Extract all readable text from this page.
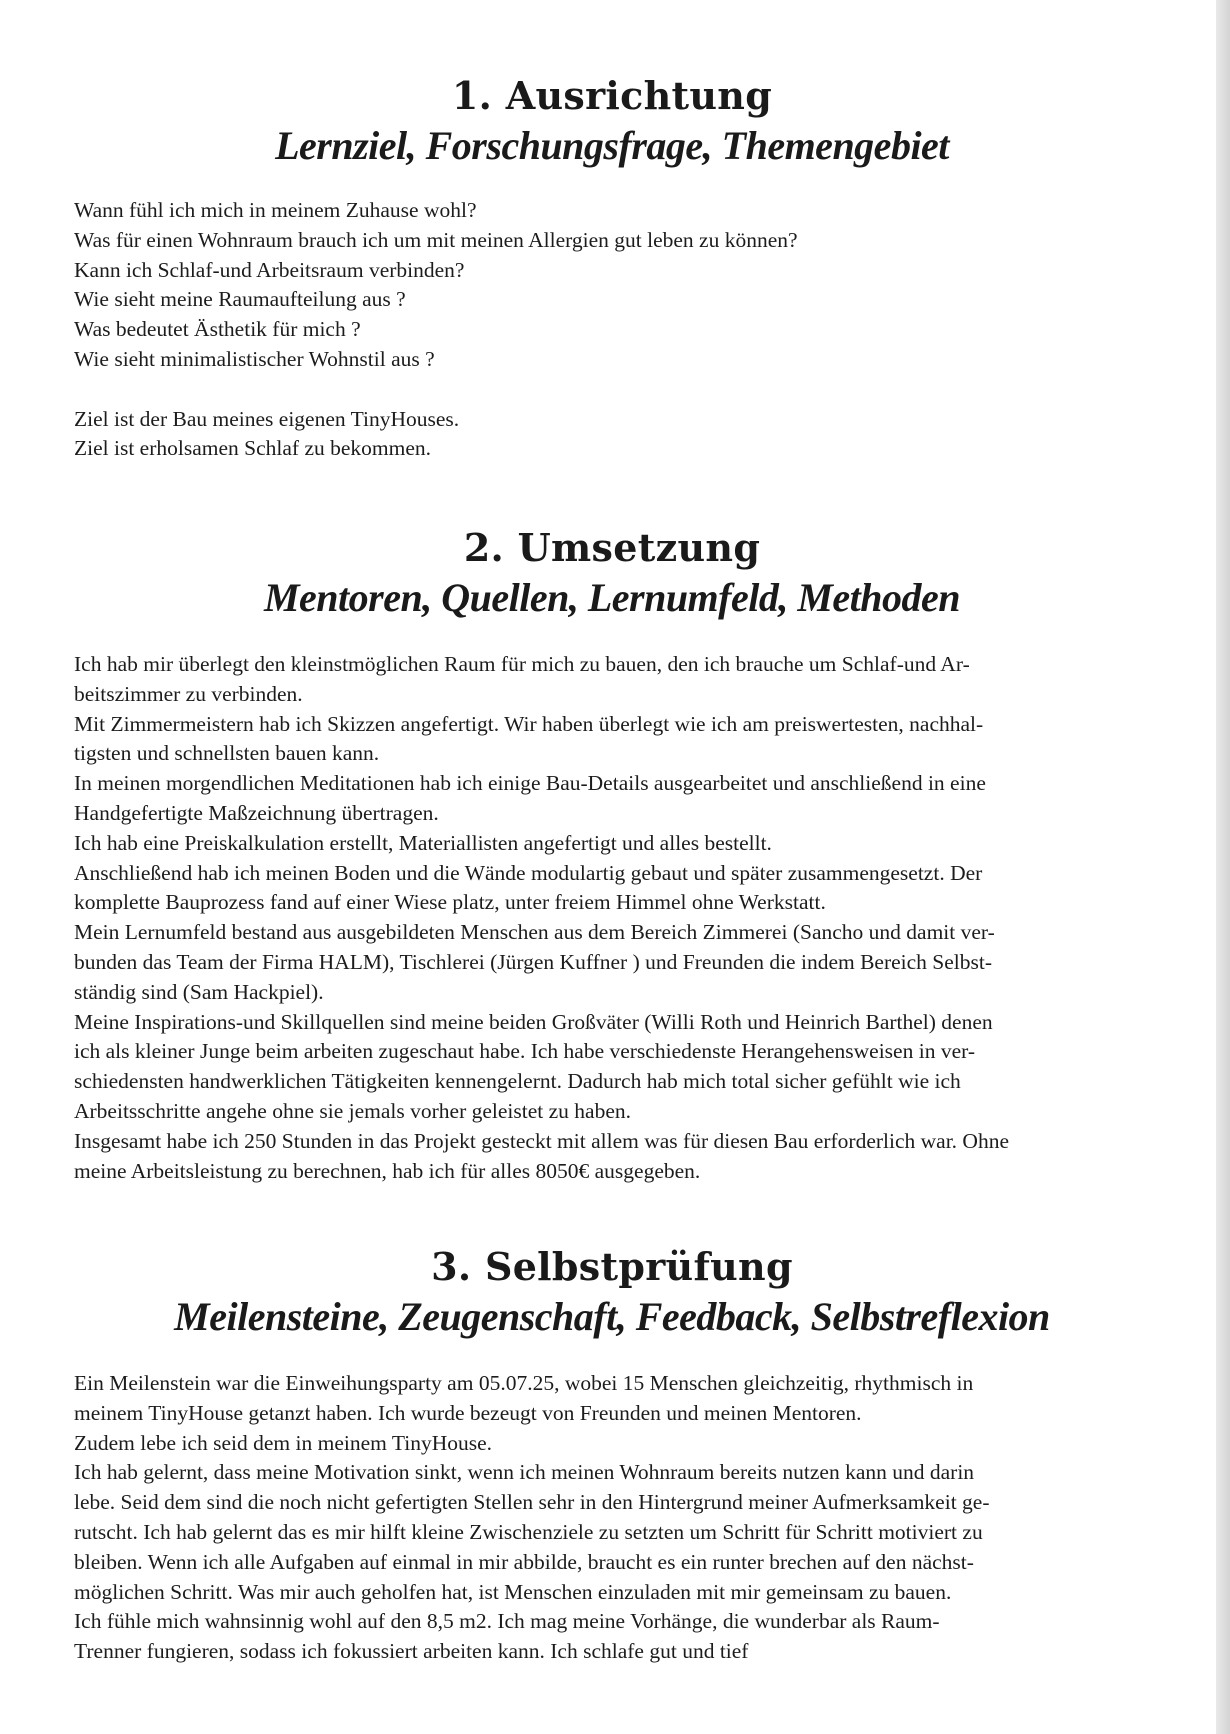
1. Ausrichtung
Lernziel, Forschungsfrage, Themengebiet

Wann fühl ich mich in meinem Zuhause wohl?

Was für einen Wohnraum brauch ich um mit meinen Allergien gut leben zu können?

Kann ich Schlaf-und Arbeitsraum verbinden?

Wie sieht meine Raumaufteilung aus ?

Was bedeutet Ästhetik für mich ?

Wie sieht minimalistischer Wohnstil aus ?

Ziel ist der Bau meines eigenen TinyHouses.

Ziel ist erholsamen Schlaf zu bekommen.

2. Umsetzung
Mentoren, Quellen, Lernumfeld, Methoden

Ich hab mir überlegt den kleinstmöglichen Raum für mich zu bauen, den ich brauche um Schlaf-und Ar-

beitszimmer zu verbinden.

Mit Zimmermeistern hab ich Skizzen angefertigt. Wir haben überlegt wie ich am preiswertesten, nachhal-

tigsten und schnellsten bauen kann.

In meinen morgendlichen Meditationen hab ich einige Bau-Details ausgearbeitet und anschließend in eine

Handgefertigte Maßzeichnung übertragen.

Ich hab eine Preiskalkulation erstellt, Materiallisten angefertigt und alles bestellt.

Anschließend hab ich meinen Boden und die Wände modulartig gebaut und später zusammengesetzt. Der

komplette Bauprozess fand auf einer Wiese platz, unter freiem Himmel ohne Werkstatt.

Mein Lernumfeld bestand aus ausgebildeten Menschen aus dem Bereich Zimmerei (Sancho und damit ver-

bunden das Team der Firma HALM), Tischlerei (Jürgen Kuffner ) und Freunden die indem Bereich Selbst-

ständig sind (Sam Hackpiel).

Meine Inspirations-und Skillquellen sind meine beiden Großväter (Willi Roth und Heinrich Barthel) denen

ich als kleiner Junge beim arbeiten zugeschaut habe. Ich habe verschiedenste Herangehensweisen in ver-

schiedensten handwerklichen Tätigkeiten kennengelernt. Dadurch hab mich total sicher gefühlt wie ich

Arbeitsschritte angehe ohne sie jemals vorher geleistet zu haben.

Insgesamt habe ich 250 Stunden in das Projekt gesteckt mit allem was für diesen Bau erforderlich war. Ohne

meine Arbeitsleistung zu berechnen, hab ich für alles 8050€ ausgegeben.

3. Selbstprüfung
Meilensteine, Zeugenschaft, Feedback, Selbstreflexion

Ein Meilenstein war die Einweihungsparty am 05.07.25, wobei 15 Menschen gleichzeitig, rhythmisch in

meinem TinyHouse getanzt haben. Ich wurde bezeugt von Freunden und meinen Mentoren.

Zudem lebe ich seid dem in meinem TinyHouse.

Ich hab gelernt, dass meine Motivation sinkt, wenn ich meinen Wohnraum bereits nutzen kann und darin

lebe. Seid dem sind die noch nicht gefertigten Stellen sehr in den Hintergrund meiner Aufmerksamkeit ge-

rutscht. Ich hab gelernt das es mir hilft kleine Zwischenziele zu setzten um Schritt für Schritt motiviert zu

bleiben. Wenn ich alle Aufgaben auf einmal in mir abbilde, braucht es ein runter brechen auf den nächst-

möglichen Schritt. Was mir auch geholfen hat, ist Menschen einzuladen mit mir gemeinsam zu bauen.

Ich fühle mich wahnsinnig wohl auf den 8,5 m2. Ich mag meine Vorhänge, die wunderbar als Raum-

Trenner fungieren, sodass ich fokussiert arbeiten kann. Ich schlafe gut und tief
